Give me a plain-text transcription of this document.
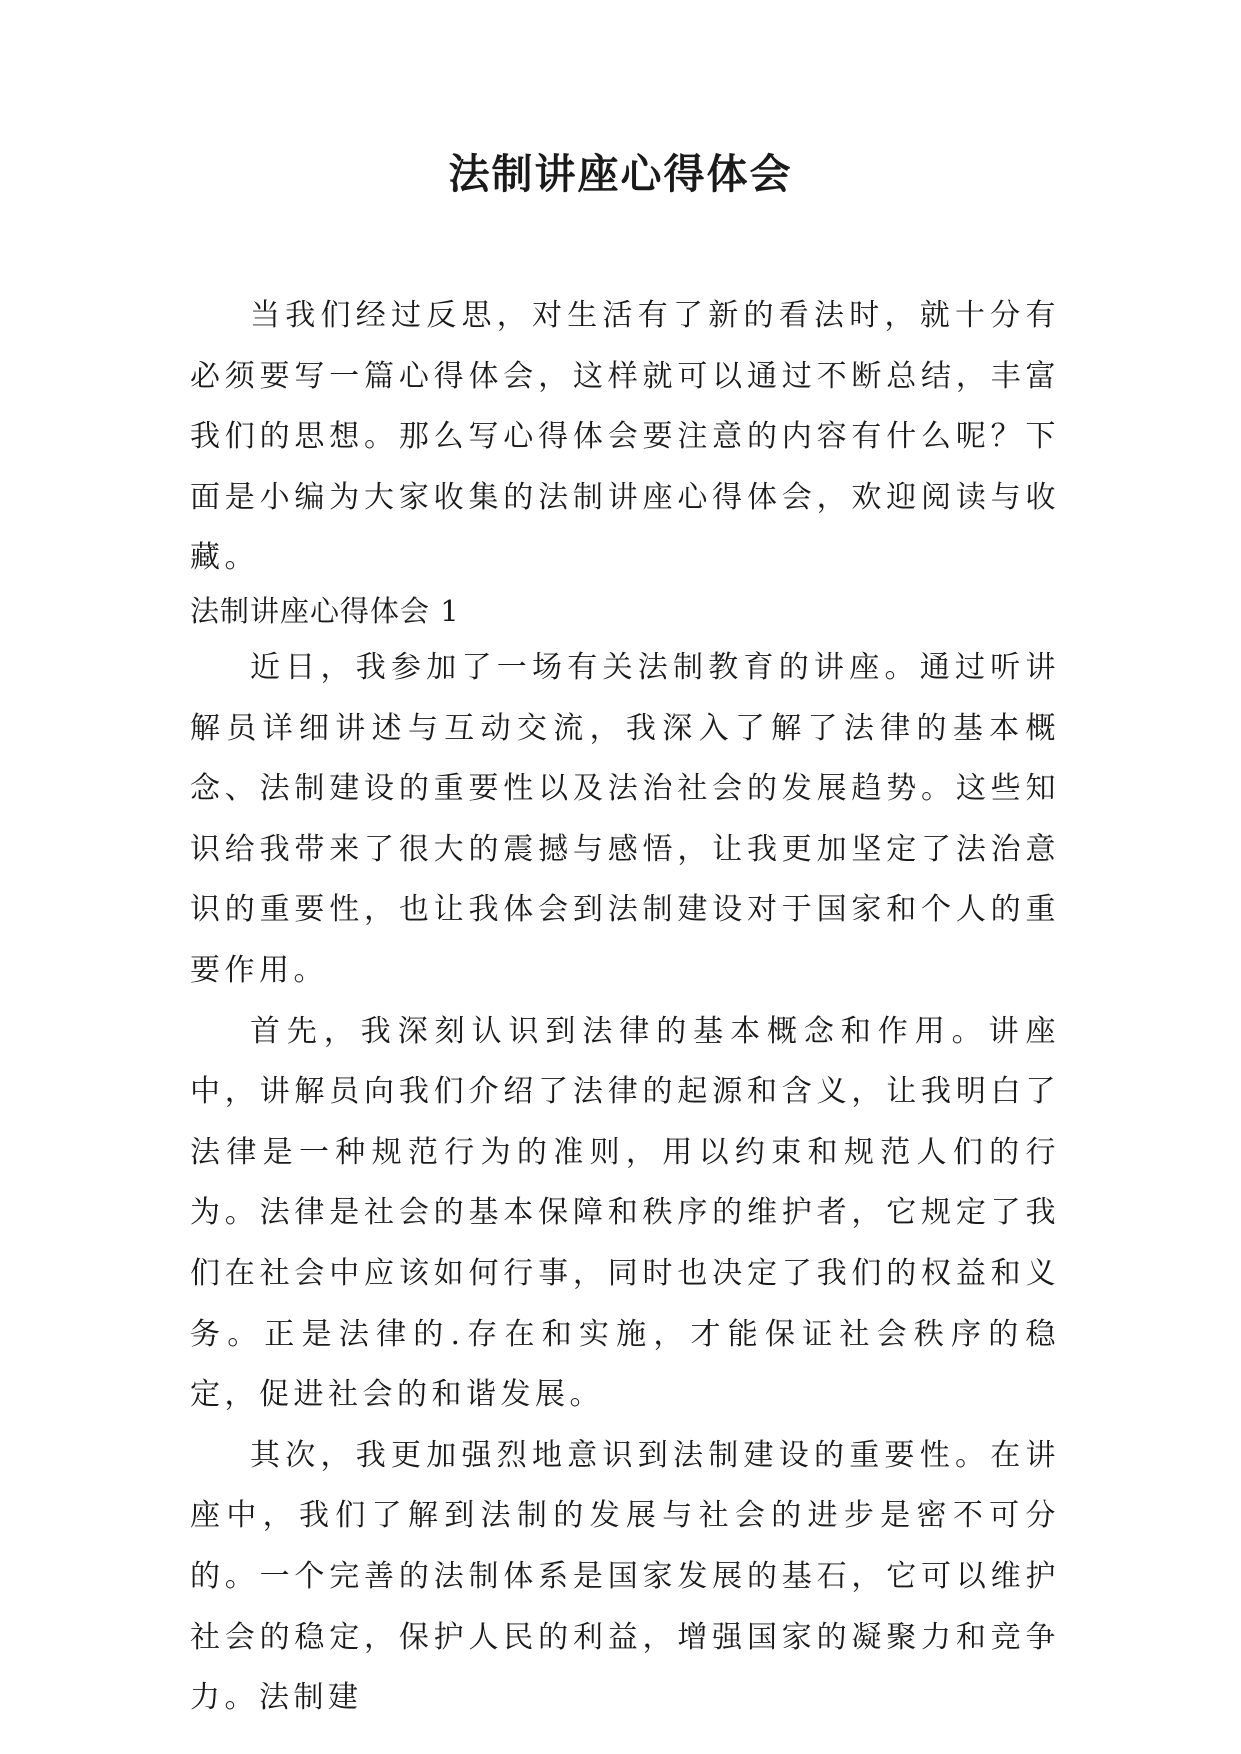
法制讲座心得体会

当我们经过反思，对生活有了新的看法时，就十分有必须要写一篇心得体会，这样就可以通过不断总结，丰富我们的思想。那么写心得体会要注意的内容有什么呢？下面是小编为大家收集的法制讲座心得体会，欢迎阅读与收藏。

法制讲座心得体会 1

近日，我参加了一场有关法制教育的讲座。通过听讲解员详细讲述与互动交流，我深入了解了法律的基本概念、法制建设的重要性以及法治社会的发展趋势。这些知识给我带来了很大的震撼与感悟，让我更加坚定了法治意识的重要性，也让我体会到法制建设对于国家和个人的重要作用。

首先，我深刻认识到法律的基本概念和作用。讲座中，讲解员向我们介绍了法律的起源和含义，让我明白了法律是一种规范行为的准则，用以约束和规范人们的行为。法律是社会的基本保障和秩序的维护者，它规定了我们在社会中应该如何行事，同时也决定了我们的权益和义务。正是法律的.存在和实施，才能保证社会秩序的稳定，促进社会的和谐发展。

其次，我更加强烈地意识到法制建设的重要性。在讲座中，我们了解到法制的发展与社会的进步是密不可分的。一个完善的法制体系是国家发展的基石，它可以维护社会的稳定，保护人民的利益，增强国家的凝聚力和竞争力。法制建
